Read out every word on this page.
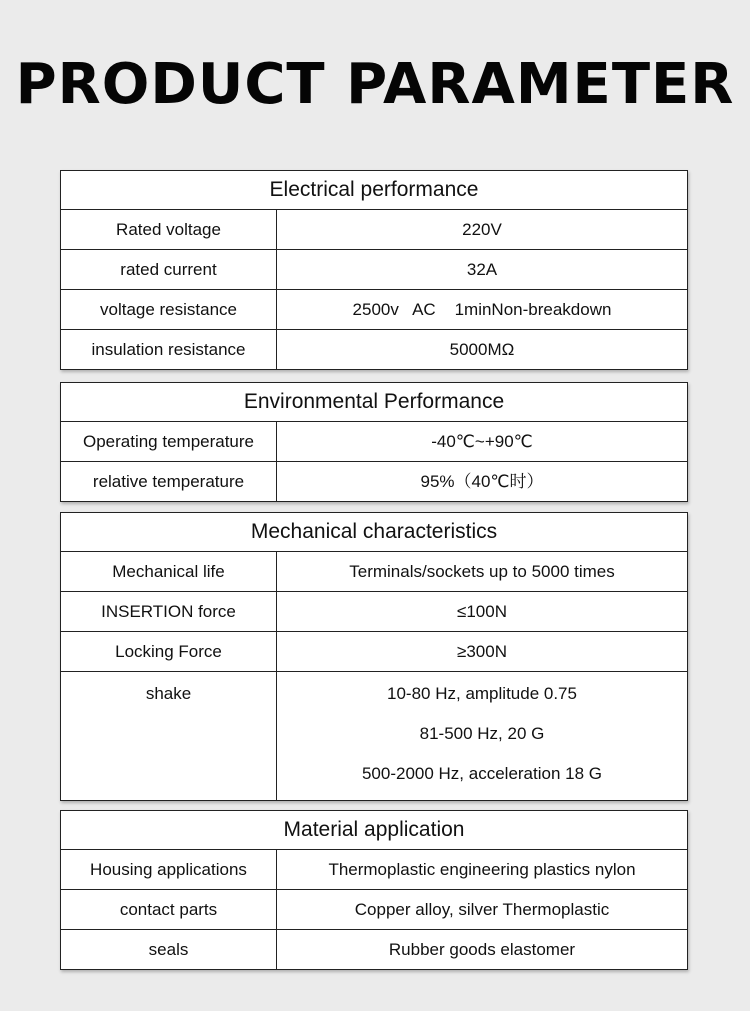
PRODUCT PARAMETER
Electrical performance
Rated voltage	220V
rated current	32A
voltage resistance	2500v   AC    1minNon-breakdown
insulation resistance	5000MΩ
Environmental Performance
Operating temperature	-40℃~+90℃
relative temperature	95%（40℃时）
Mechanical characteristics
Mechanical life	Terminals/sockets up to 5000 times
INSERTION force	≤100N
Locking Force	≥300N
shake	10-80 Hz, amplitude 0.75
81-500 Hz, 20 G
500-2000 Hz, acceleration 18 G
Material application
Housing applications	Thermoplastic engineering plastics nylon
contact parts	Copper alloy, silver Thermoplastic
seals	Rubber goods elastomer
